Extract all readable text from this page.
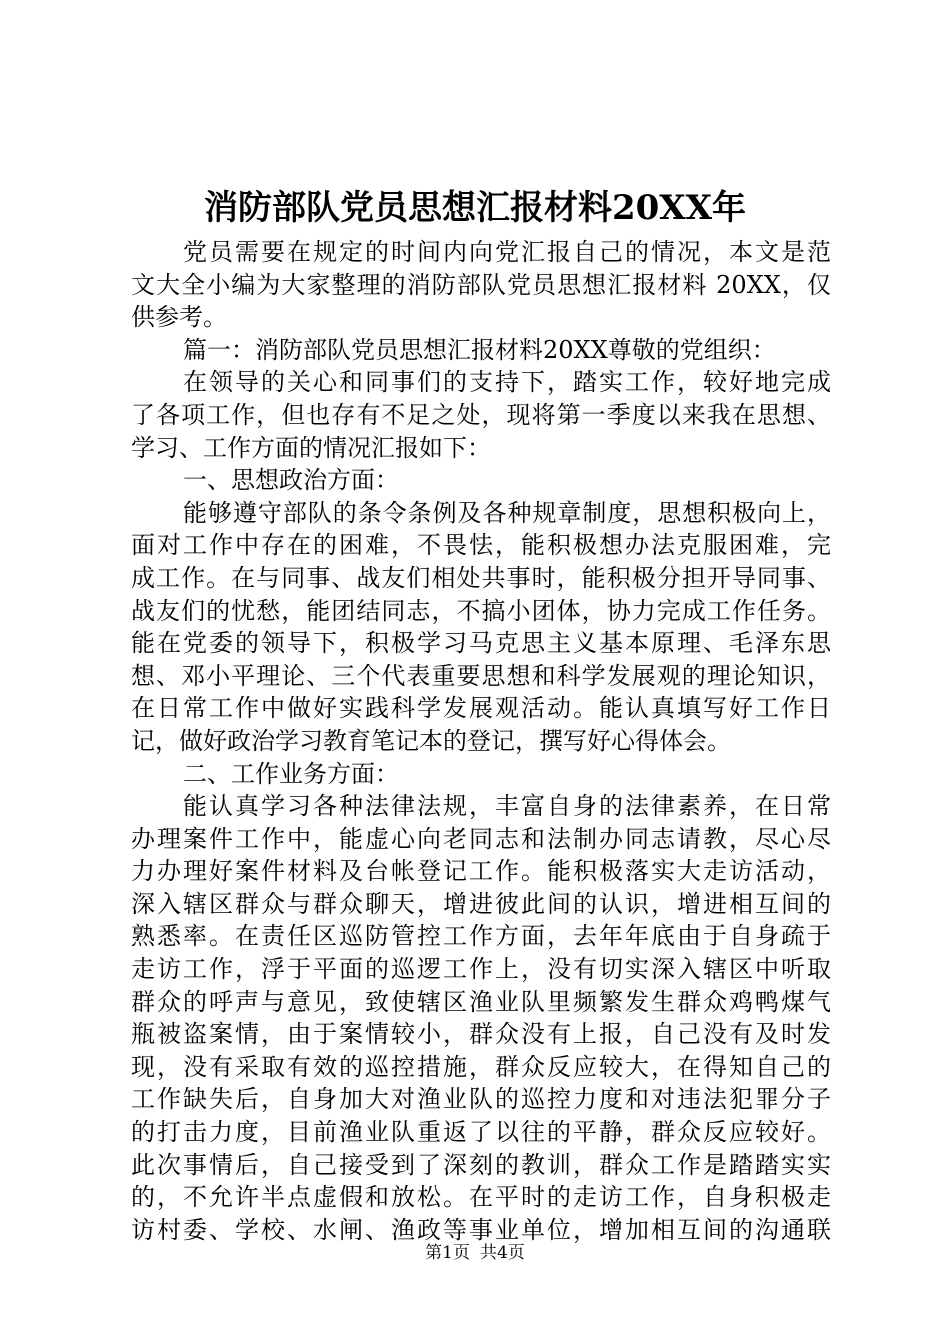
消防部队党员思想汇报材料20XX年
党员需要在规定的时间内向党汇报自己的情况，本文是范
文大全小编为大家整理的消防部队党员思想汇报材料 20XX，仅
供参考。
篇一：消防部队党员思想汇报材料20XX尊敬的党组织：
在领导的关心和同事们的支持下，踏实工作，较好地完成
了各项工作，但也存有不足之处，现将第一季度以来我在思想、
学习、工作方面的情况汇报如下：
一、思想政治方面：
能够遵守部队的条令条例及各种规章制度，思想积极向上，
面对工作中存在的困难，不畏怯，能积极想办法克服困难，完
成工作。在与同事、战友们相处共事时，能积极分担开导同事、
战友们的忧愁，能团结同志，不搞小团体，协力完成工作任务。
能在党委的领导下，积极学习马克思主义基本原理、毛泽东思
想、邓小平理论、三个代表重要思想和科学发展观的理论知识，
在日常工作中做好实践科学发展观活动。能认真填写好工作日
记，做好政治学习教育笔记本的登记，撰写好心得体会。
二、工作业务方面：
能认真学习各种法律法规，丰富自身的法律素养，在日常
办理案件工作中，能虚心向老同志和法制办同志请教，尽心尽
力办理好案件材料及台帐登记工作。能积极落实大走访活动，
深入辖区群众与群众聊天，增进彼此间的认识，增进相互间的
熟悉率。在责任区巡防管控工作方面，去年年底由于自身疏于
走访工作，浮于平面的巡逻工作上，没有切实深入辖区中听取
群众的呼声与意见，致使辖区渔业队里频繁发生群众鸡鸭煤气
瓶被盗案情，由于案情较小，群众没有上报，自己没有及时发
现，没有采取有效的巡控措施，群众反应较大，在得知自己的
工作缺失后，自身加大对渔业队的巡控力度和对违法犯罪分子
的打击力度，目前渔业队重返了以往的平静，群众反应较好。
此次事情后，自己接受到了深刻的教训，群众工作是踏踏实实
的，不允许半点虚假和放松。在平时的走访工作，自身积极走
访村委、学校、水闸、渔政等事业单位，增加相互间的沟通联
第1页 共4页
